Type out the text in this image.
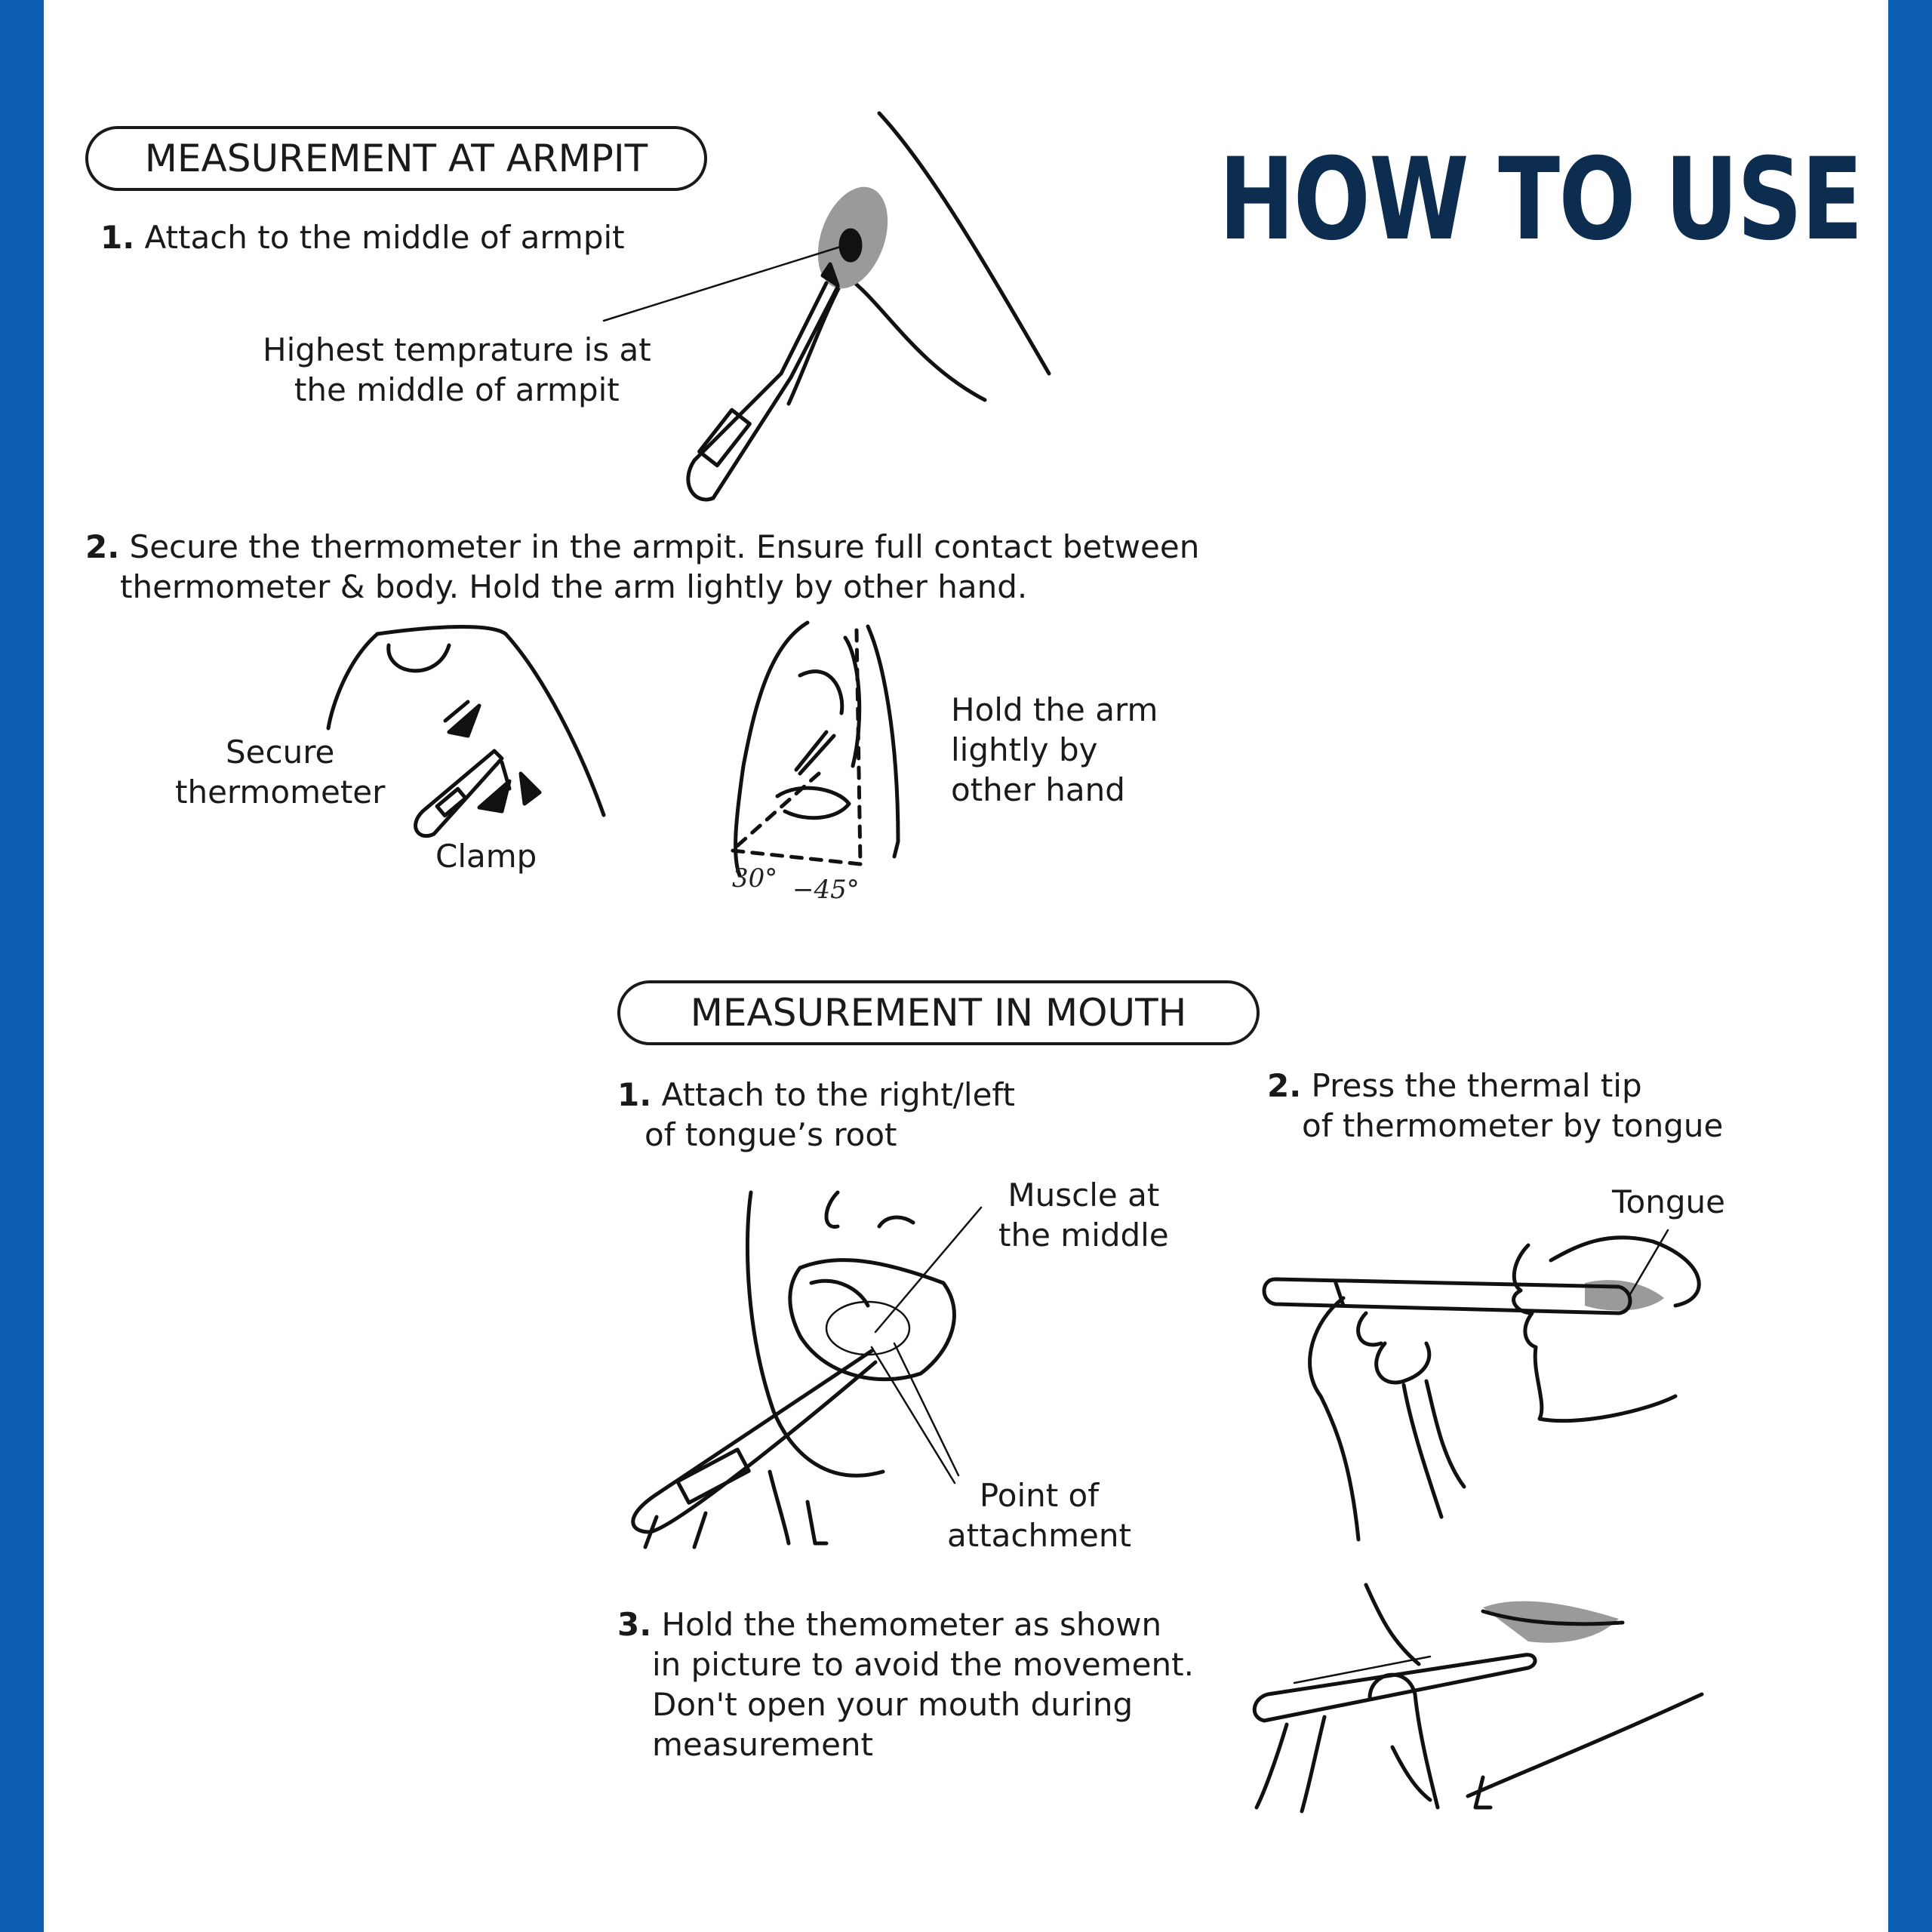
HOW TO USE
MEASUREMENT AT ARMPIT
1. Attach to the middle of armpit
Highest temprature is at
the middle of armpit
2. Secure the thermometer in the armpit. Ensure full contact between
thermometer & body. Hold the arm lightly by other hand.
Secure
thermometer
Clamp
30° −45°
Hold the arm
lightly by
other hand
MEASUREMENT IN MOUTH
1. Attach to the right/left
of tongue’s root
2. Press the thermal tip
of thermometer by tongue
Muscle at
the middle
Tongue
Point of
attachment
3. Hold the themometer as shown
in picture to avoid the movement.
Don't open your mouth during
measurement
